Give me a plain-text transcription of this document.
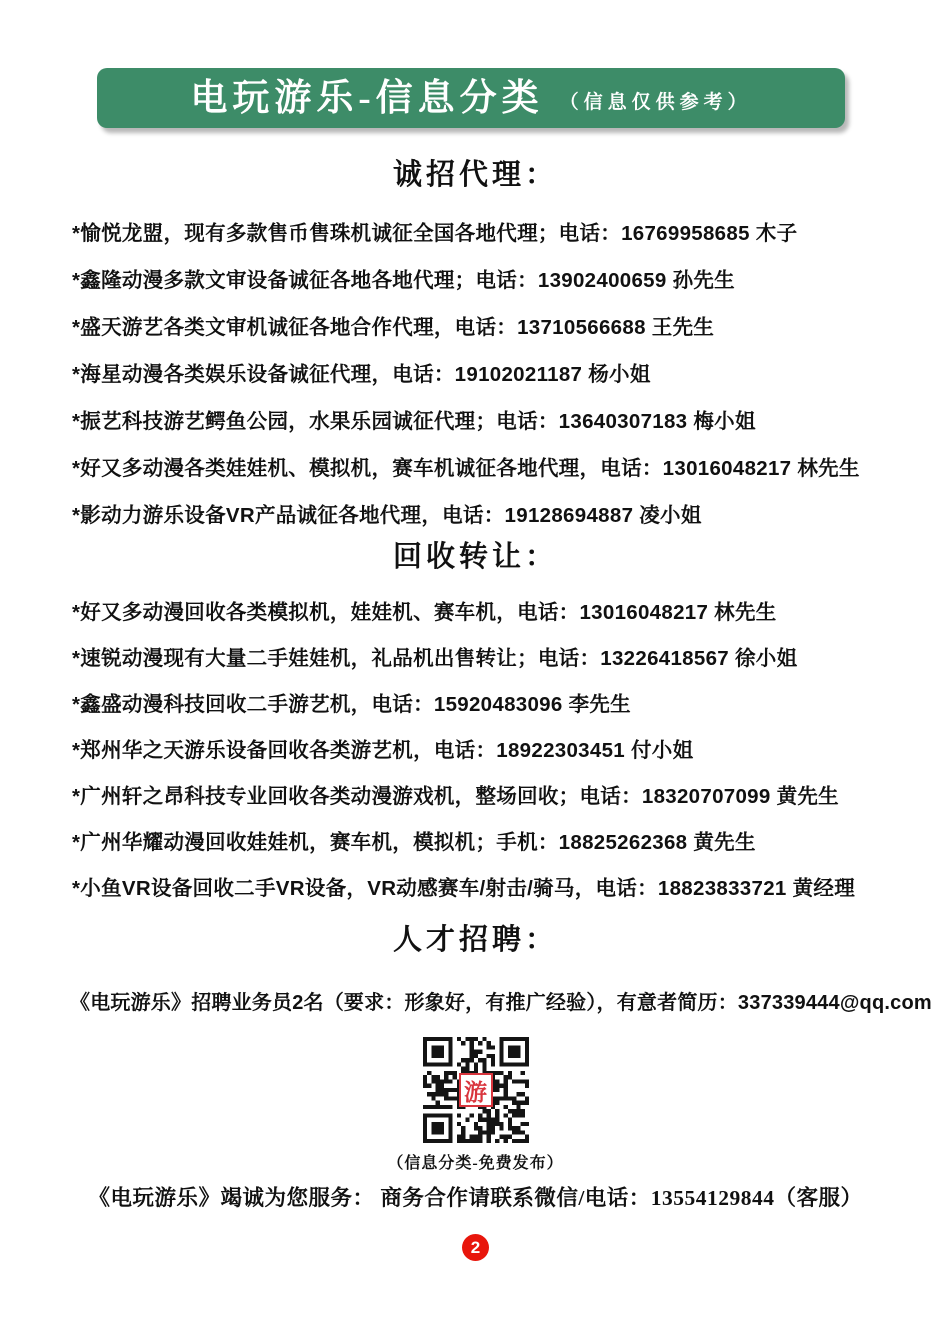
电玩游乐-信息分类 （信息仅供参考）
诚招代理：
*愉悦龙盟，现有多款售币售珠机诚征全国各地代理；电话：16769958685 木子
*鑫隆动漫多款文审设备诚征各地各地代理；电话：13902400659 孙先生
*盛天游艺各类文审机诚征各地合作代理，电话：13710566688 王先生
*海星动漫各类娱乐设备诚征代理，电话：19102021187 杨小姐
*振艺科技游艺鳄鱼公园，水果乐园诚征代理；电话：13640307183 梅小姐
*好又多动漫各类娃娃机、模拟机，赛车机诚征各地代理，电话：13016048217 林先生
*影动力游乐设备VR产品诚征各地代理，电话：19128694887 凌小姐
回收转让：
*好又多动漫回收各类模拟机，娃娃机、赛车机，电话：13016048217 林先生
*速锐动漫现有大量二手娃娃机，礼品机出售转让；电话：13226418567 徐小姐
*鑫盛动漫科技回收二手游艺机，电话：15920483096 李先生
*郑州华之天游乐设备回收各类游艺机，电话：18922303451 付小姐
*广州轩之昂科技专业回收各类动漫游戏机，整场回收；电话：18320707099 黄先生
*广州华耀动漫回收娃娃机，赛车机，模拟机；手机：18825262368 黄先生
*小鱼VR设备回收二手VR设备，VR动感赛车/射击/骑马，电话：18823833721 黄经理
人才招聘：
《电玩游乐》招聘业务员2名（要求：形象好，有推广经验），有意者简历：337339444@qq.com
游
（信息分类-免费发布）
《电玩游乐》竭诚为您服务： 商务合作请联系微信/电话：13554129844（客服）
2
